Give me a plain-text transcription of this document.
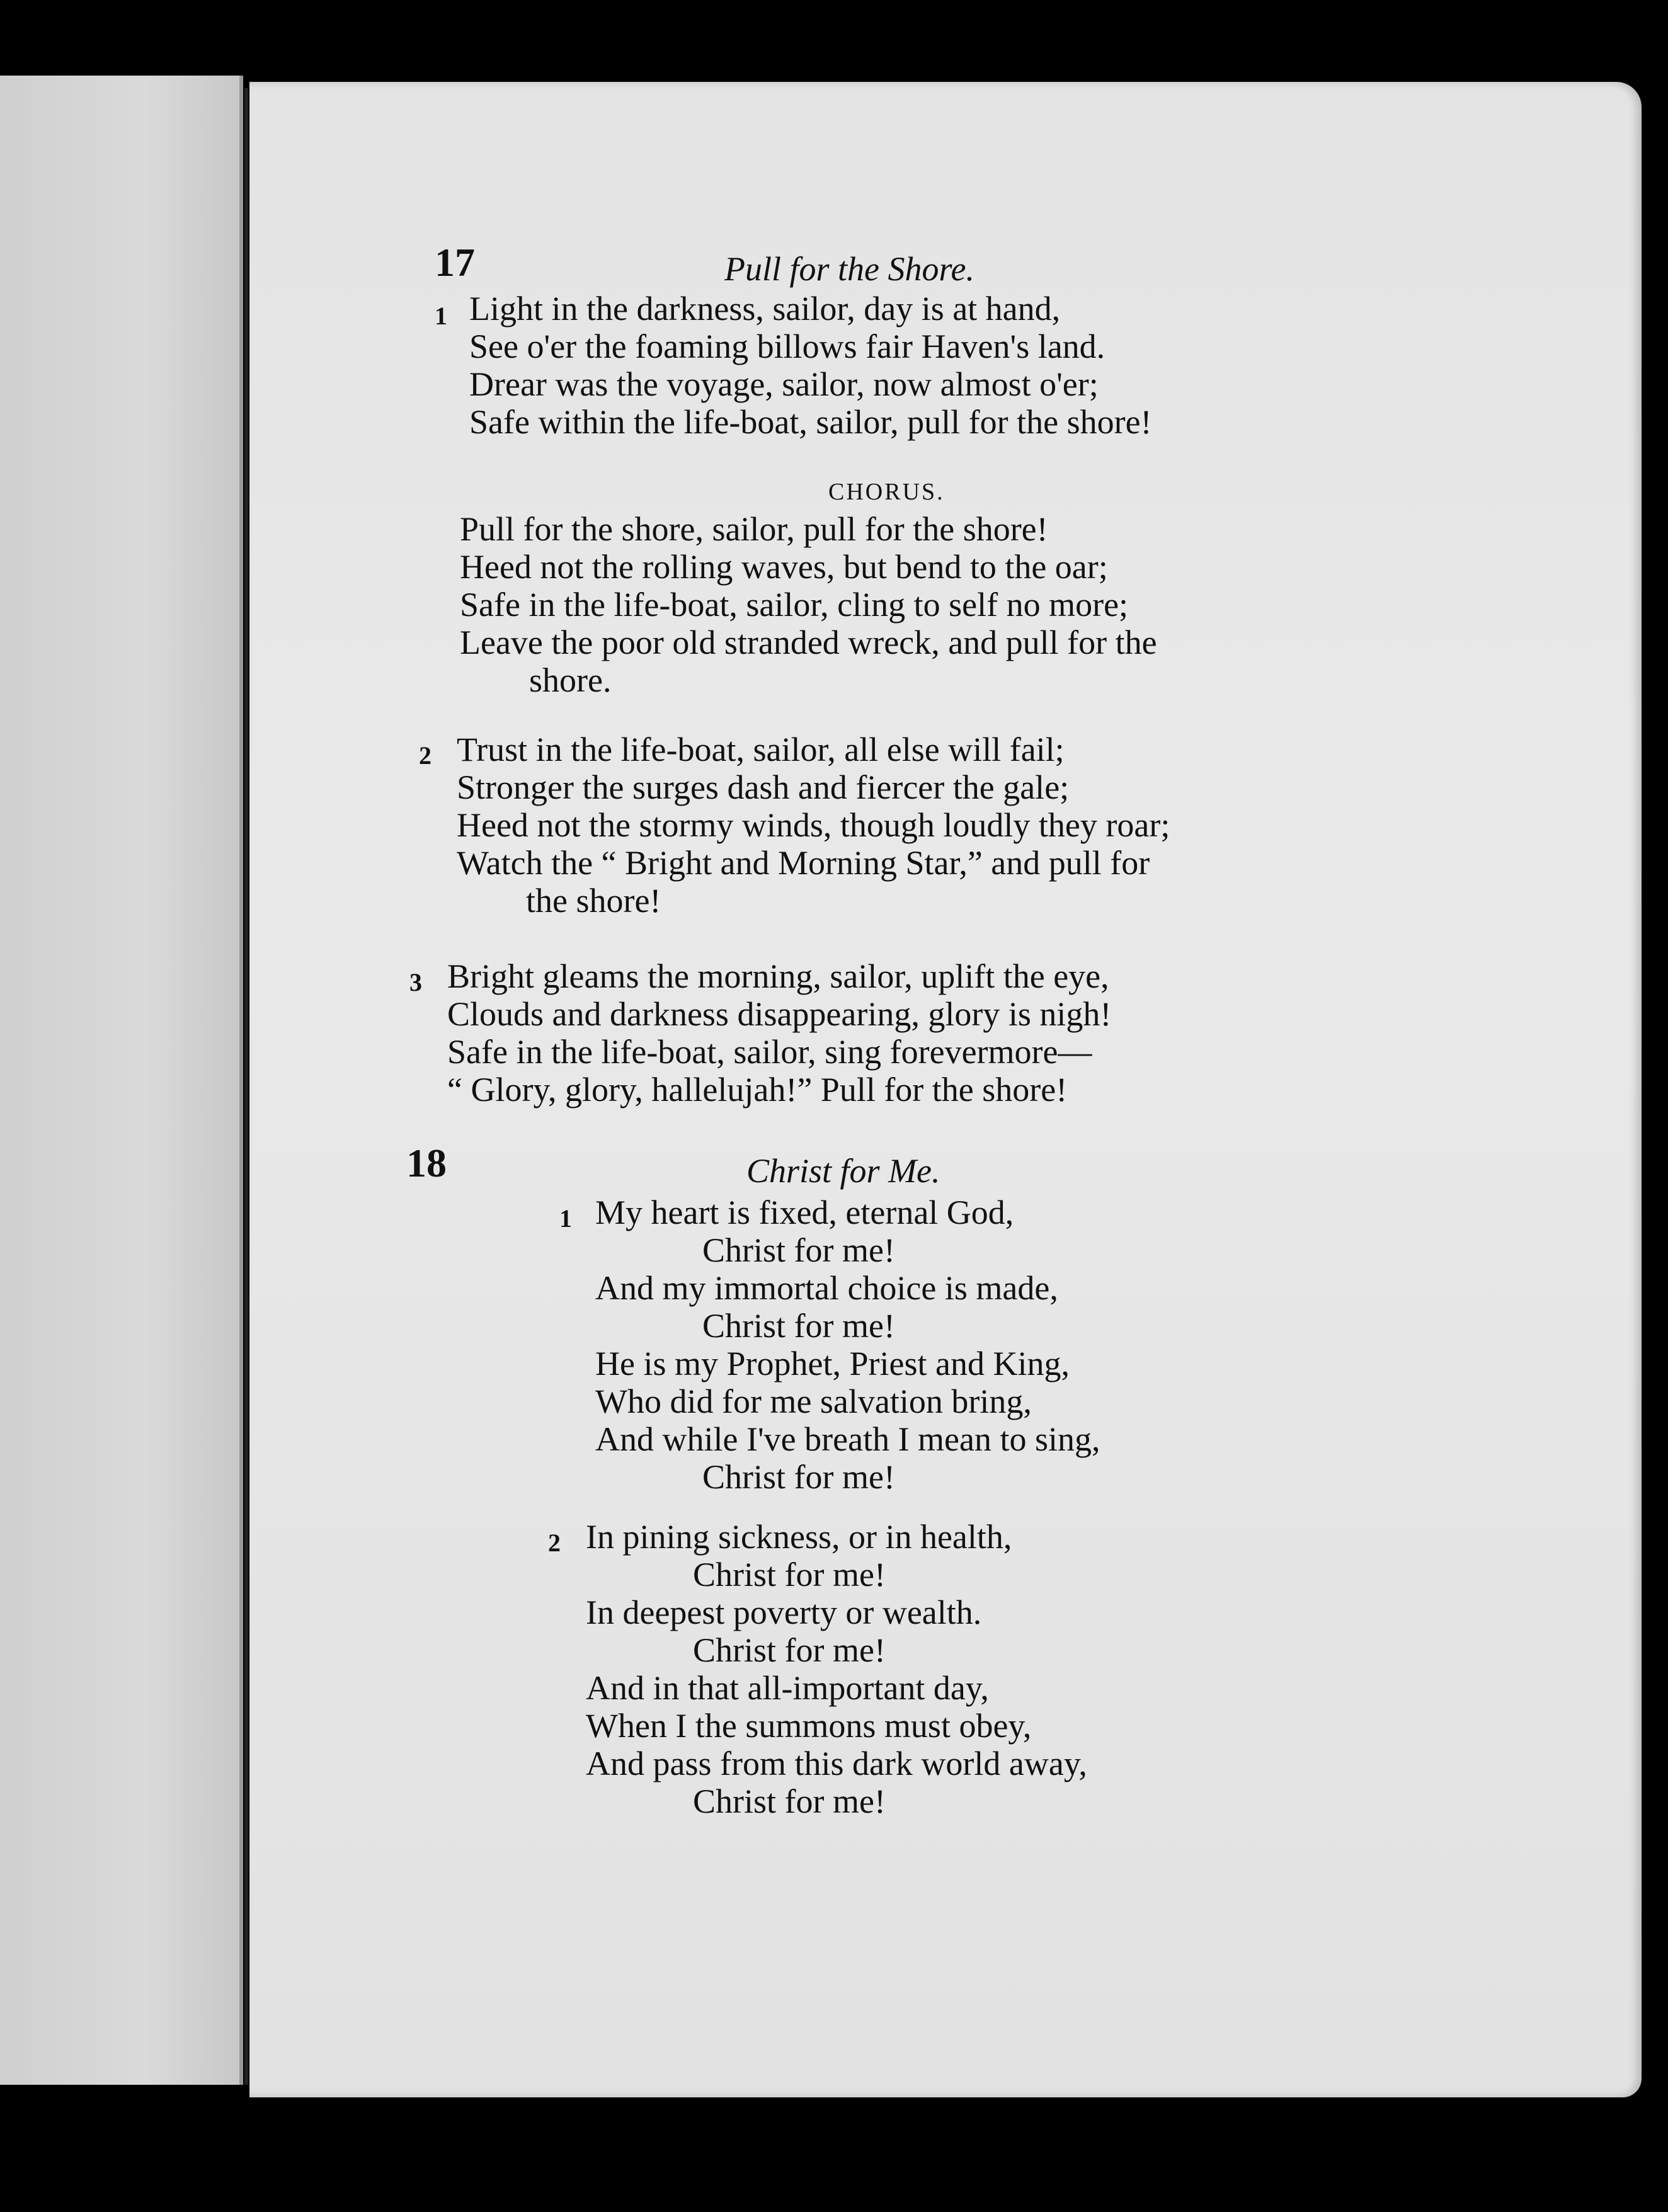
17	Pull for the Shore.
1 Light in the darkness, sailor, day is at hand,
See o'er the foaming billows fair Haven's land.
Drear was the voyage, sailor, now almost o'er;
Safe within the life-boat, sailor, pull for the shore!
CHORUS.
Pull for the shore, sailor, pull for the shore!
Heed not the rolling waves, but bend to the oar;
Safe in the life-boat, sailor, cling to self no more;
Leave the poor old stranded wreck, and pull for the
shore.
2 Trust in the life-boat, sailor, all else will fail;
Stronger the surges dash and fiercer the gale;
Heed not the stormy winds, though loudly they roar;
Watch the “ Bright and Morning Star,” and pull for
the shore!
3 Bright gleams the morning, sailor, uplift the eye,
Clouds and darkness disappearing, glory is nigh!
Safe in the life-boat, sailor, sing forevermore—
“ Glory, glory, hallelujah!” Pull for the shore!
18	Christ for Me.
1 My heart is fixed, eternal God,
Christ for me!
And my immortal choice is made,
Christ for me!
He is my Prophet, Priest and King,
Who did for me salvation bring,
And while I've breath I mean to sing,
Christ for me!
2 In pining sickness, or in health,
Christ for me!
In deepest poverty or wealth.
Christ for me!
And in that all-important day,
When I the summons must obey,
And pass from this dark world away,
Christ for me!
